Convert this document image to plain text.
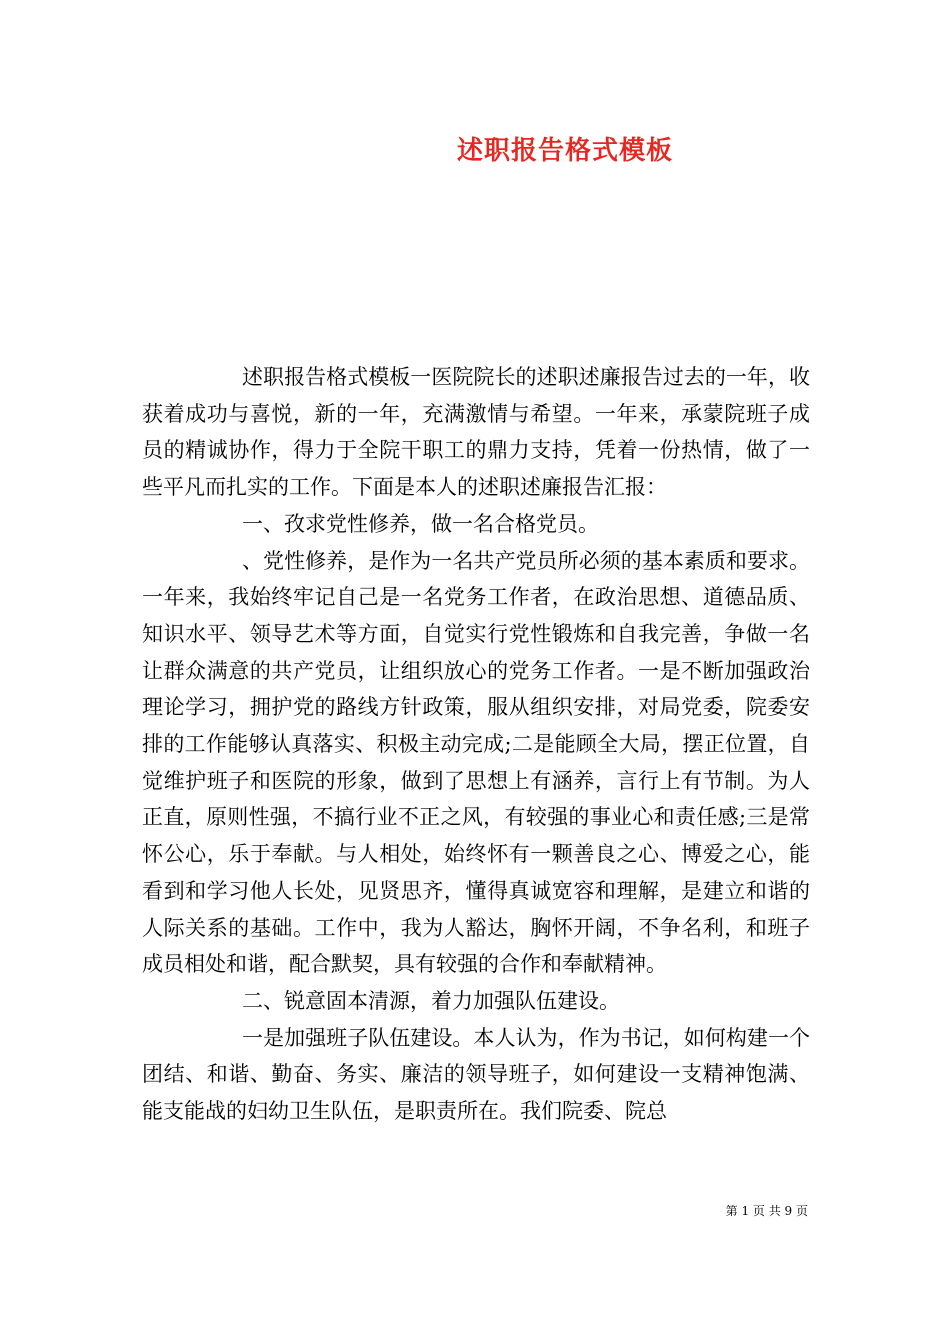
述职报告格式模板

述职报告格式模板一医院院长的述职述廉报告过去的一年，收获着成功与喜悦，新的一年，充满激情与希望。一年来，承蒙院班子成员的精诚协作，得力于全院干职工的鼎力支持，凭着一份热情，做了一些平凡而扎实的工作。下面是本人的述职述廉报告汇报：

一、孜求党性修养，做一名合格党员。

、党性修养，是作为一名共产党员所必须的基本素质和要求。一年来，我始终牢记自己是一名党务工作者，在政治思想、道德品质、知识水平、领导艺术等方面，自觉实行党性锻炼和自我完善，争做一名让群众满意的共产党员，让组织放心的党务工作者。一是不断加强政治理论学习，拥护党的路线方针政策，服从组织安排，对局党委，院委安排的工作能够认真落实、积极主动完成;二是能顾全大局，摆正位置，自觉维护班子和医院的形象，做到了思想上有涵养，言行上有节制。为人正直，原则性强，不搞行业不正之风，有较强的事业心和责任感;三是常怀公心，乐于奉献。与人相处，始终怀有一颗善良之心、博爱之心，能看到和学习他人长处，见贤思齐，懂得真诚宽容和理解，是建立和谐的人际关系的基础。工作中，我为人豁达，胸怀开阔，不争名利，和班子成员相处和谐，配合默契，具有较强的合作和奉献精神。

二、锐意固本清源，着力加强队伍建设。

一是加强班子队伍建设。本人认为，作为书记，如何构建一个团结、和谐、勤奋、务实、廉洁的领导班子，如何建设一支精神饱满、能支能战的妇幼卫生队伍，是职责所在。我们院委、院总

第 1 页 共 9 页
